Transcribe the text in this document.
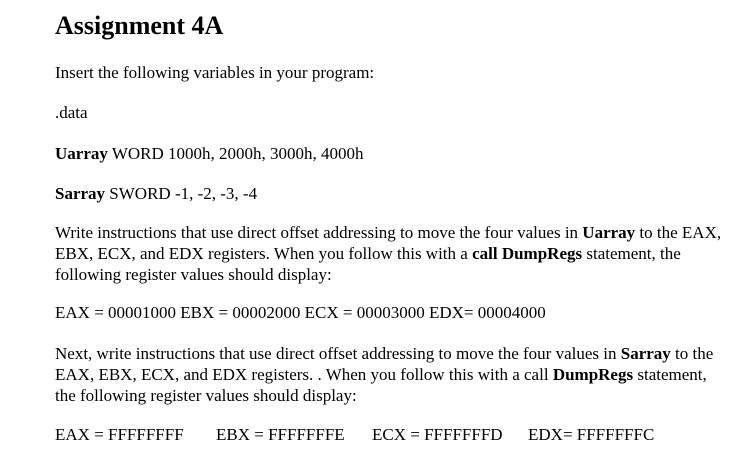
Assignment 4A
Insert the following variables in your program:
.data
Uarray WORD 1000h, 2000h, 3000h, 4000h
Sarray SWORD -1, -2, -3, -4
Write instructions that use direct offset addressing to move the four values in Uarray to the EAX, EBX, ECX, and EDX registers. When you follow this with a call DumpRegs statement, the following register values should display:
EAX = 00001000 EBX = 00002000 ECX = 00003000 EDX= 00004000
Next, write instructions that use direct offset addressing to move the four values in Sarray to the EAX, EBX, ECX, and EDX registers. . When you follow this with a call DumpRegs statement, the following register values should display:
EAX = FFFFFFFF EBX = FFFFFFFE ECX = FFFFFFFD EDX= FFFFFFFC
